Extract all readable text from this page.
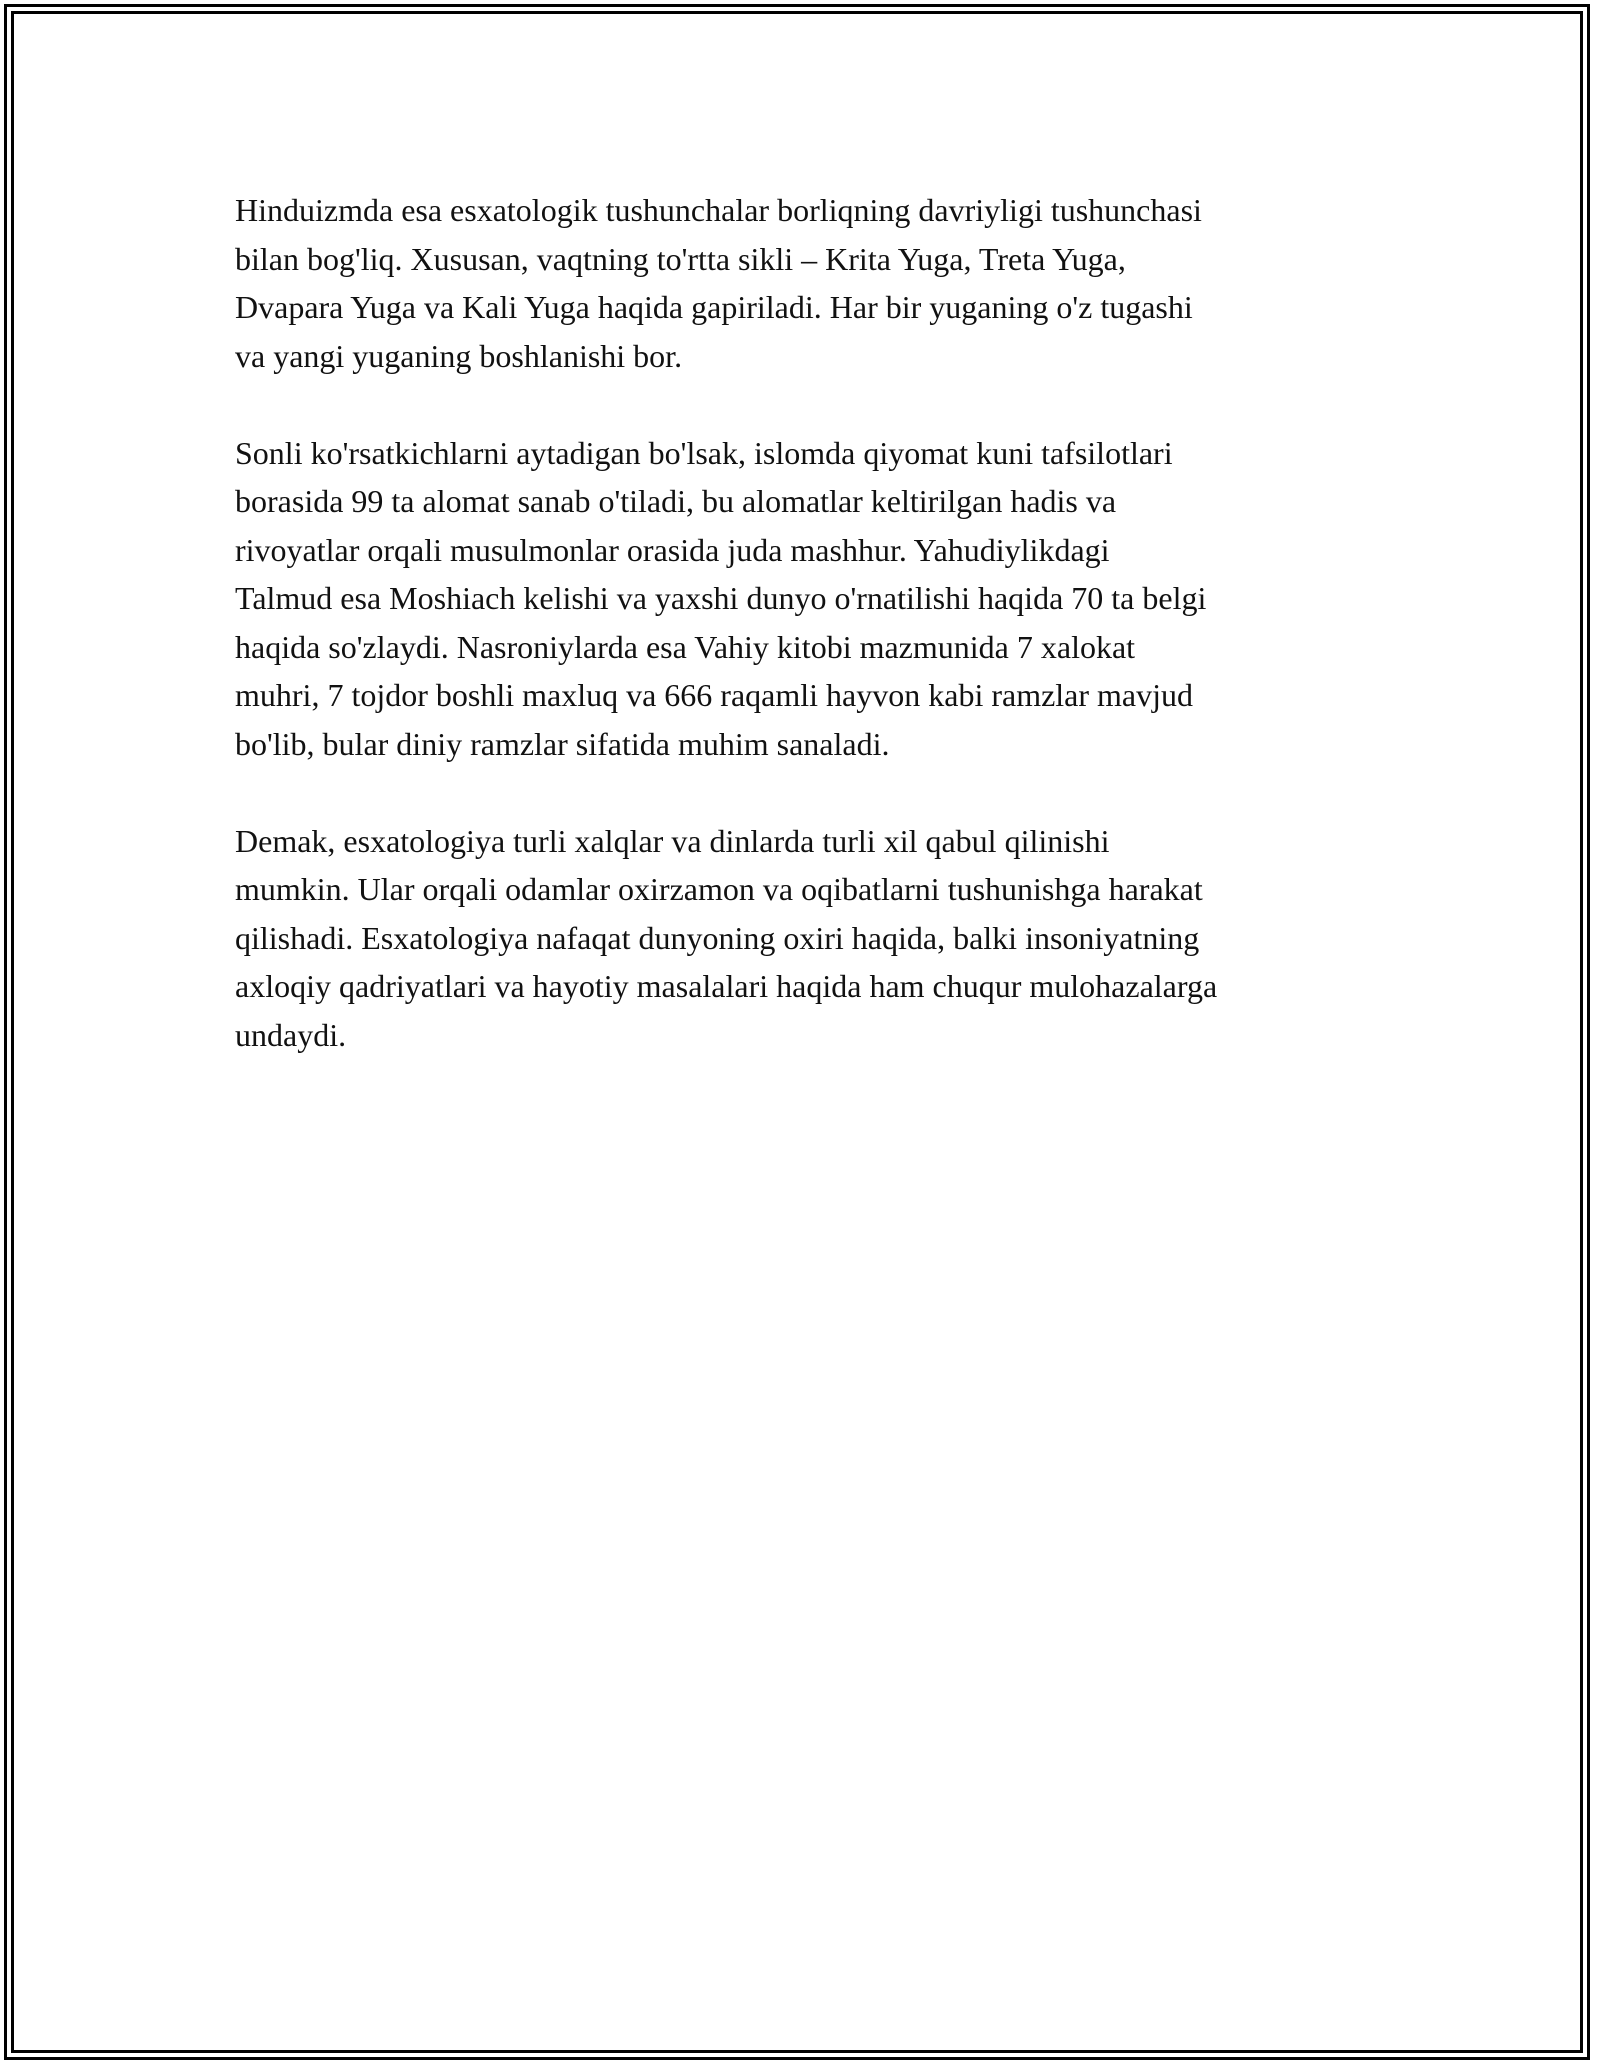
Hinduizmda esa esxatologik tushunchalar borliqning davriyligi tushunchasi
bilan bog'liq. Xususan, vaqtning to'rtta sikli – Krita Yuga, Treta Yuga,
Dvapara Yuga va Kali Yuga haqida gapiriladi. Har bir yuganing o'z tugashi
va yangi yuganing boshlanishi bor.

Sonli ko'rsatkichlarni aytadigan bo'lsak, islomda qiyomat kuni tafsilotlari
borasida 99 ta alomat sanab o'tiladi, bu alomatlar keltirilgan hadis va
rivoyatlar orqali musulmonlar orasida juda mashhur. Yahudiylikdagi
Talmud esa Moshiach kelishi va yaxshi dunyo o'rnatilishi haqida 70 ta belgi
haqida so'zlaydi. Nasroniylarda esa Vahiy kitobi mazmunida 7 xalokat
muhri, 7 tojdor boshli maxluq va 666 raqamli hayvon kabi ramzlar mavjud
bo'lib, bular diniy ramzlar sifatida muhim sanaladi.

Demak, esxatologiya turli xalqlar va dinlarda turli xil qabul qilinishi
mumkin. Ular orqali odamlar oxirzamon va oqibatlarni tushunishga harakat
qilishadi. Esxatologiya nafaqat dunyoning oxiri haqida, balki insoniyatning
axloqiy qadriyatlari va hayotiy masalalari haqida ham chuqur mulohazalarga
undaydi.
